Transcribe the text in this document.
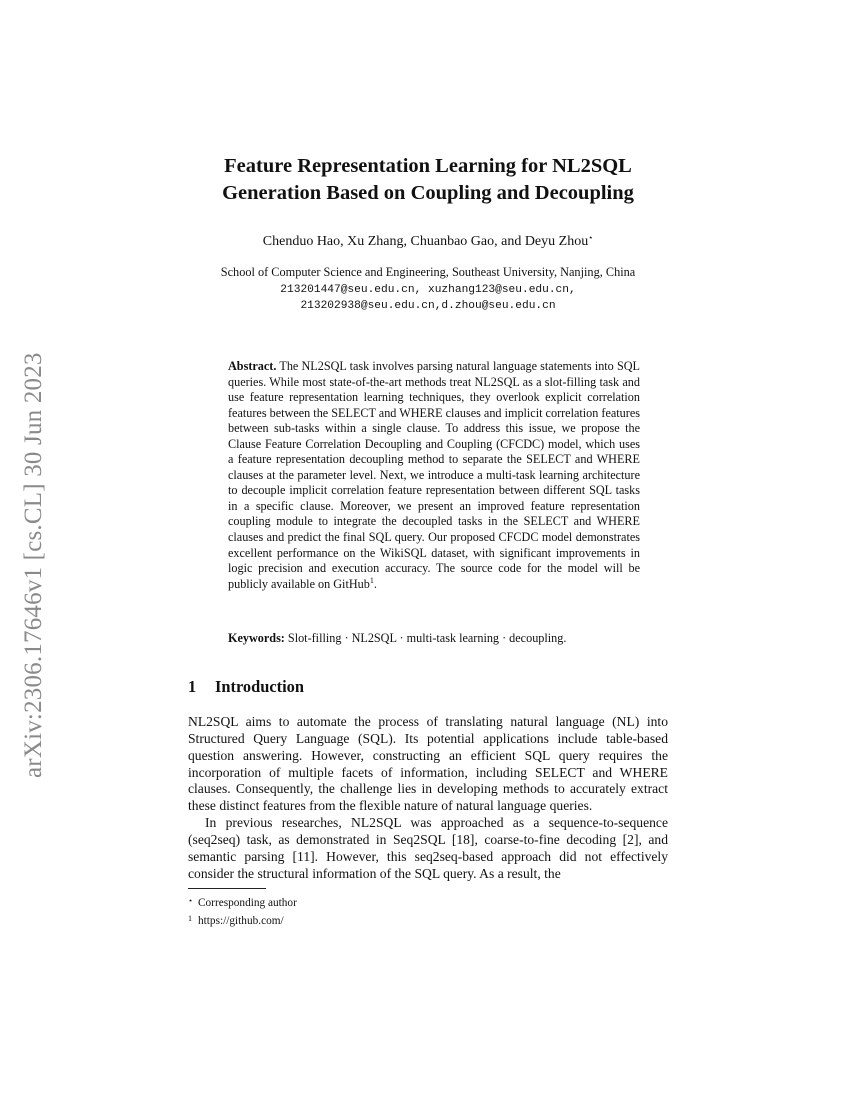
arXiv:2306.17646v1 [cs.CL] 30 Jun 2023
Feature Representation Learning for NL2SQL
Generation Based on Coupling and Decoupling
Chenduo Hao, Xu Zhang, Chuanbao Gao, and Deyu Zhou⋆
School of Computer Science and Engineering, Southeast University, Nanjing, China
213201447@seu.edu.cn, xuzhang123@seu.edu.cn,
213202938@seu.edu.cn,d.zhou@seu.edu.cn
Abstract. The NL2SQL task involves parsing natural language statements into SQL queries. While most state-of-the-art methods treat NL2SQL as a slot-filling task and use feature representation learning techniques, they overlook explicit correlation features between the SELECT and WHERE clauses and implicit correlation features between sub-tasks within a single clause. To address this issue, we propose the Clause Feature Correlation Decoupling and Coupling (CFCDC) model, which uses a feature representation decoupling method to separate the SELECT and WHERE clauses at the parameter level. Next, we introduce a multi-task learning architecture to decouple implicit correlation feature representation between different SQL tasks in a specific clause. Moreover, we present an improved feature representation coupling module to integrate the decoupled tasks in the SELECT and WHERE clauses and predict the final SQL query. Our proposed CFCDC model demonstrates excellent performance on the WikiSQL dataset, with significant improvements in logic precision and execution accuracy. The source code for the model will be publicly available on GitHub$^1$.
Keywords: Slot-filling · NL2SQL · multi-task learning · decoupling.
1 Introduction

NL2SQL aims to automate the process of translating natural language (NL) into Structured Query Language (SQL). Its potential applications include table-based question answering. However, constructing an efficient SQL query requires the incorporation of multiple facets of information, including SELECT and WHERE clauses. Consequently, the challenge lies in developing methods to accurately extract these distinct features from the flexible nature of natural language queries.

In previous researches, NL2SQL was approached as a sequence-to-sequence (seq2seq) task, as demonstrated in Seq2SQL [18], coarse-to-fine decoding [2], and semantic parsing [11]. However, this seq2seq-based approach did not effectively consider the structural information of the SQL query. As a result, the

⋆ Corresponding author
1 https://github.com/
